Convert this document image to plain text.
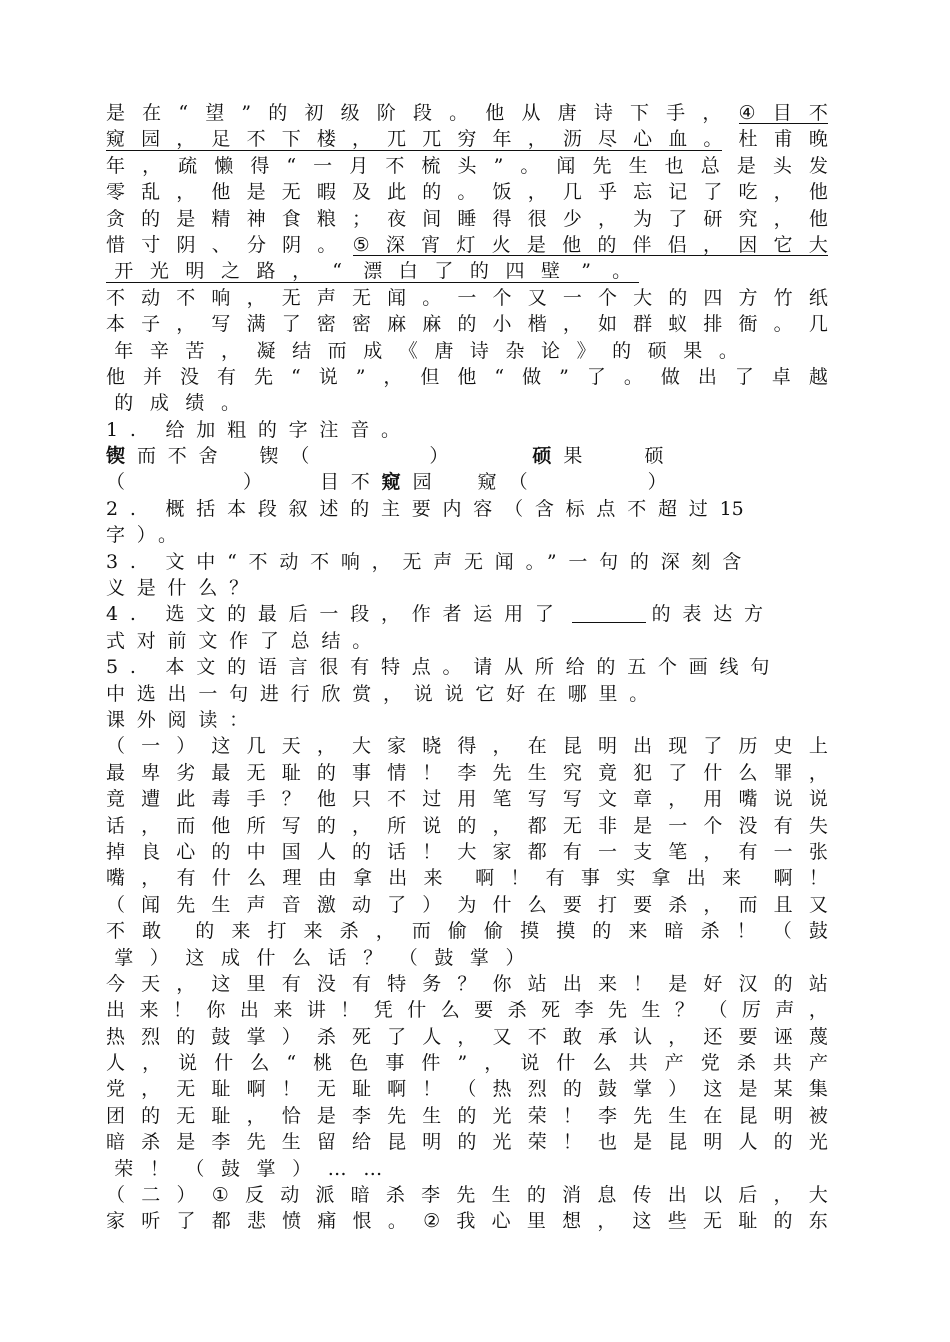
是 在 “ 望 ” 的 初 级 阶 段 。 他 从 唐 诗 下 手 ， ④ 目 不
窥 园 ， 足 不 下 楼 ， 兀 兀 穷 年 ， 沥 尽 心 血 。 杜 甫 晚
年 ， 疏 懒 得 “ 一 月 不 梳 头 ” 。 闻 先 生 也 总 是 头 发
零 乱 ， 他 是 无 暇 及 此 的 。 饭 ， 几 乎 忘 记 了 吃 ， 他
贪 的 是 精 神 食 粮 ； 夜 间 睡 得 很 少 ， 为 了 研 究 ， 他
惜 寸 阴 、 分 阴 。 ⑤ 深 宵 灯 火 是 他 的 伴 侣 ， 因 它 大
开 光 明 之 路 ，	“	漂 白 了 的 四 壁	”	。
不 动 不 响 ， 无 声 无 闻 。 一 个 又 一 个 大 的 四 方 竹 纸
本 子 ， 写 满 了 密 密 麻 麻 的 小 楷 ， 如 群 蚁 排 衙 。 几
年 辛 苦 ， 凝 结 而 成 《 唐 诗 杂 论 》 的 硕 果 。
他 并 没 有 先 “ 说 ” ， 但 他 “ 做 ” 了 。 做 出 了 卓 越
的 成 绩 。
1. 给加粗的字注音。
锲 而不舍 锲 （	）	硕 果	硕
（	）	目不 窥 园 窥 （	）
2. 概括本段叙述的主要内容（含标点不超过 15
字）。
3. 文中“不动不响，无声无闻。”一句的深刻含
义是什么？
4. 选文的最后一段，作者运用了	的表达方
式对前文作了总结。
5. 本文的语言很有特点。请从所给的五个画线句
中选出一句进行欣赏，说说它好在哪里。
课外阅读：
（ 一 ） 这 几 天 ， 大 家 晓 得 ， 在 昆 明 出 现 了 历 史 上
最 卑 劣 最 无 耻 的 事 情 ！ 李 先 生 究 竟 犯 了 什 么 罪 ，
竟 遭 此 毒 手 ？ 他 只 不 过 用 笔 写 写 文 章 ， 用 嘴 说 说
话 ， 而 他 所 写 的 ， 所 说 的 ， 都 无 非 是 一 个 没 有 失
掉 良 心 的 中 国 人 的 话 ！ 大 家 都 有 一 支 笔 ， 有 一 张
嘴 ， 有 什 么 理 由 拿 出 来 啊 ！ 有 事 实 拿 出 来 啊 ！
（ 闻 先 生 声 音 激 动 了 ） 为 什 么 要 打 要 杀 ， 而 且 又
不 敢 的 来 打 来 杀 ， 而 偷 偷 摸 摸 的 来 暗 杀 ！ （ 鼓
掌 ） 这 成 什 么 话 ？ （ 鼓 掌 ）
今 天 ， 这 里 有 没 有 特 务 ？ 你 站 出 来 ！ 是 好 汉 的 站
出 来 ！ 你 出 来 讲 ！ 凭 什 么 要 杀 死 李 先 生 ？ （ 厉 声 ，
热 烈 的 鼓 掌 ） 杀 死 了 人 ， 又 不 敢 承 认 ， 还 要 诬 蔑
人 ， 说 什 么 “ 桃 色 事 件 ” ， 说 什 么 共 产 党 杀 共 产
党 ， 无 耻 啊 ！ 无 耻 啊 ！ （ 热 烈 的 鼓 掌 ） 这 是 某 集
团 的 无 耻 ， 恰 是 李 先 生 的 光 荣 ！ 李 先 生 在 昆 明 被
暗 杀 是 李 先 生 留 给 昆 明 的 光 荣 ！ 也 是 昆 明 人 的 光
荣 ！ （ 鼓 掌 ） … …
（ 二 ） ① 反 动 派 暗 杀 李 先 生 的 消 息 传 出 以 后 ， 大
家 听 了 都 悲 愤 痛 恨 。 ② 我 心 里 想 ， 这 些 无 耻 的 东
